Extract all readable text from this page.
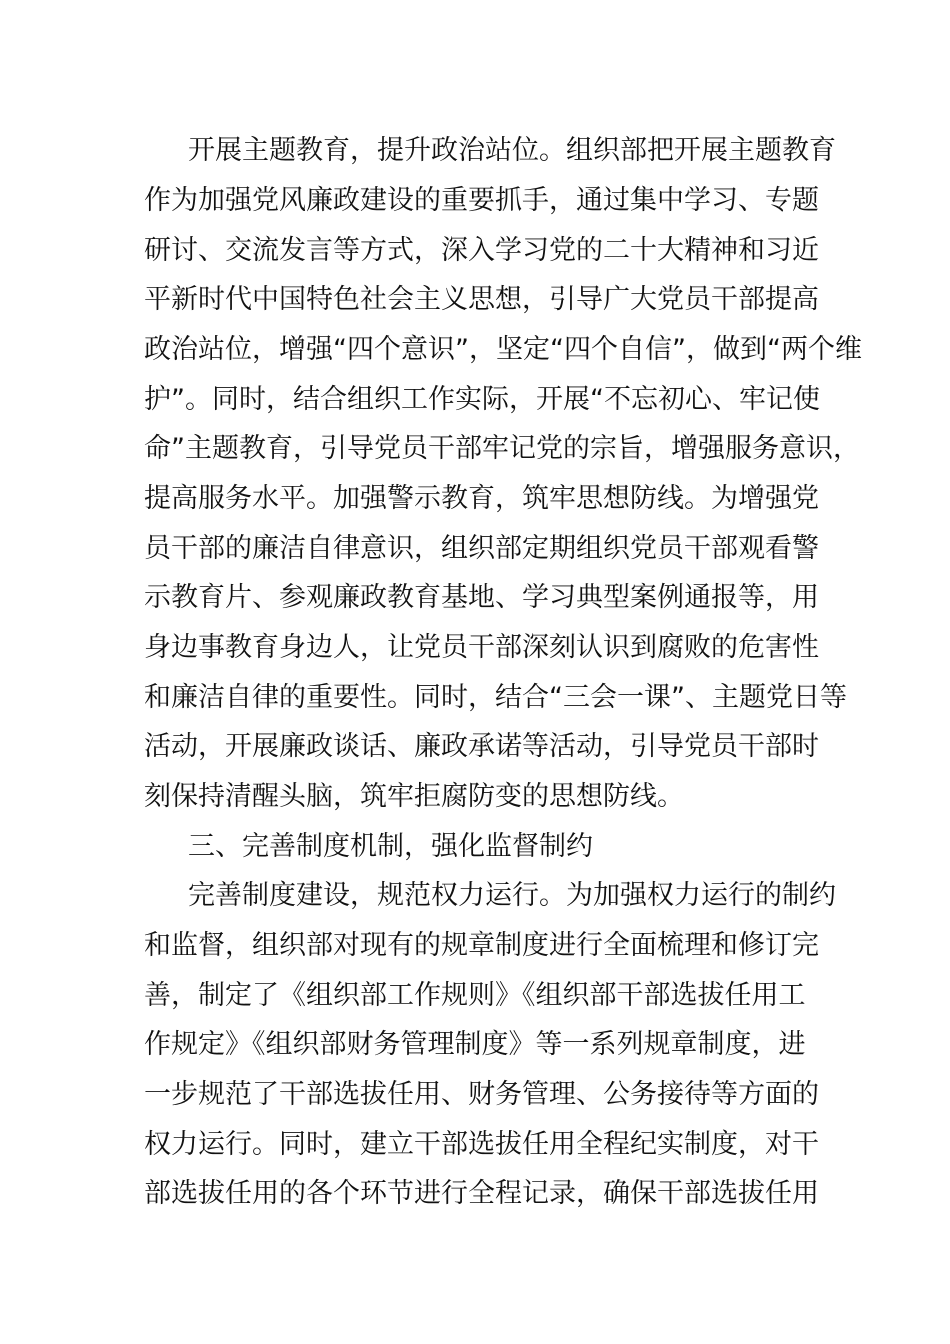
开展主题教育，提升政治站位。组织部把开展主题教育
作为加强党风廉政建设的重要抓手，通过集中学习、专题
研讨、交流发言等方式，深入学习党的二十大精神和习近
平新时代中国特色社会主义思想，引导广大党员干部提高
政治站位，增强“四个意识”，坚定“四个自信”，做到“两个维
护”。同时，结合组织工作实际，开展“不忘初心、牢记使
命”主题教育，引导党员干部牢记党的宗旨，增强服务意识，
提高服务水平。加强警示教育，筑牢思想防线。为增强党
员干部的廉洁自律意识，组织部定期组织党员干部观看警
示教育片、参观廉政教育基地、学习典型案例通报等，用
身边事教育身边人，让党员干部深刻认识到腐败的危害性
和廉洁自律的重要性。同时，结合“三会一课”、主题党日等
活动，开展廉政谈话、廉政承诺等活动，引导党员干部时
刻保持清醒头脑，筑牢拒腐防变的思想防线。
三、完善制度机制，强化监督制约
完善制度建设，规范权力运行。为加强权力运行的制约
和监督，组织部对现有的规章制度进行全面梳理和修订完
善，制定了《组织部工作规则》《组织部干部选拔任用工
作规定》《组织部财务管理制度》等一系列规章制度，进
一步规范了干部选拔任用、财务管理、公务接待等方面的
权力运行。同时，建立干部选拔任用全程纪实制度，对干
部选拔任用的各个环节进行全程记录，确保干部选拔任用
